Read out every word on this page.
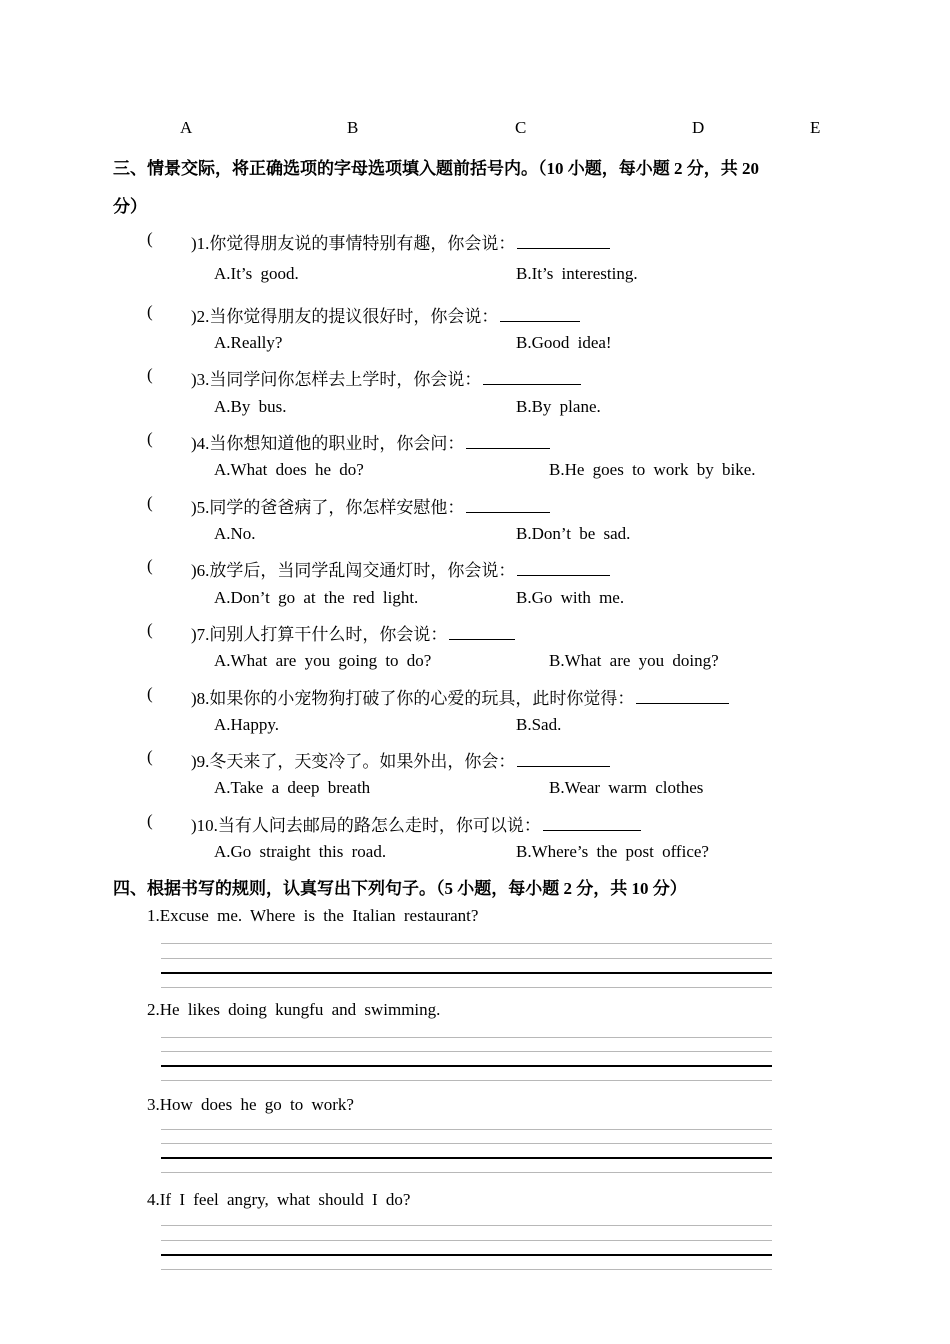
A	B	C	D	E
三、情景交际，将正确选项的字母选项填入题前括号内。（10 小题，每小题 2 分，共 20
分）
( )1.你觉得朋友说的事情特别有趣，你会说：
A.It’s good.	B.It’s interesting.
( )2.当你觉得朋友的提议很好时，你会说：
A.Really?	B.Good idea!
( )3.当同学问你怎样去上学时，你会说：
A.By bus.	B.By plane.
( )4.当你想知道他的职业时，你会问：
A.What does he do?	B.He goes to work by bike.
( )5.同学的爸爸病了，你怎样安慰他：
A.No.	B.Don’t be sad.
( )6.放学后，当同学乱闯交通灯时，你会说：
A.Don’t go at the red light.	B.Go with me.
( )7.问别人打算干什么时，你会说：
A.What are you going to do?	B.What are you doing?
( )8.如果你的小宠物狗打破了你的心爱的玩具，此时你觉得：
A.Happy.	B.Sad.
( )9.冬天来了，天变冷了。如果外出，你会：
A.Take a deep breath	B.Wear warm clothes
( )10.当有人问去邮局的路怎么走时，你可以说：
A.Go straight this road.	B.Where’s the post office?
四、根据书写的规则，认真写出下列句子。（5 小题，每小题 2 分，共 10 分）
1.Excuse me. Where is the Italian restaurant?
2.He likes doing kungfu and swimming.
3.How does he go to work?
4.If I feel angry, what should I do?
